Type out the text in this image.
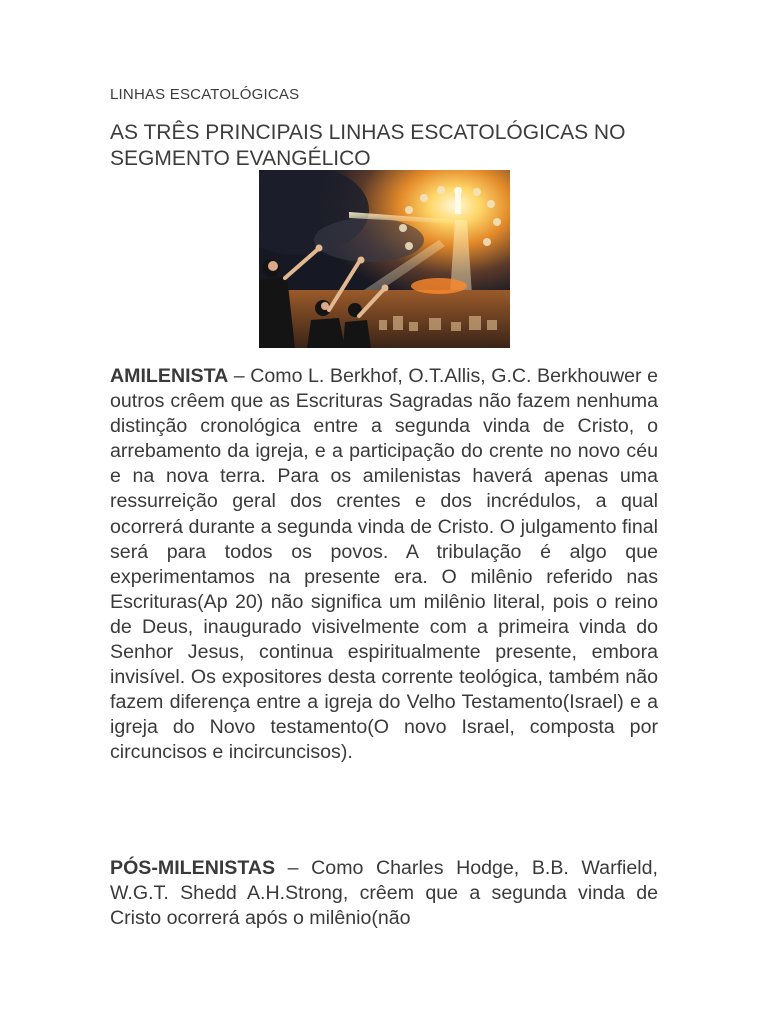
LINHAS ESCATOLÓGICAS
AS TRÊS PRINCIPAIS LINHAS ESCATOLÓGICAS NO SEGMENTO EVANGÉLICO

AMILENISTA – Como L. Berkhof, O.T.Allis, G.C. Berkhouwer e outros crêem que as Escrituras Sagradas não fazem nenhuma distinção cronológica entre a segunda vinda de Cristo, o arrebamento da igreja, e a participação do crente no novo céu e na nova terra. Para os amilenistas haverá apenas uma ressurreição geral dos crentes e dos incrédulos, a qual ocorrerá durante a segunda vinda de Cristo. O julgamento final será para todos os povos. A tribulação é algo que experimentamos na presente era. O milênio referido nas Escrituras(Ap 20) não significa um milênio literal, pois o reino de Deus, inaugurado visivelmente com a primeira vinda do Senhor Jesus, continua espiritualmente presente, embora invisível. Os expositores desta corrente teológica, também não fazem diferença entre a igreja do Velho Testamento(Israel) e a igreja do Novo testamento(O novo Israel, composta por circuncisos e incircuncisos).

PÓS-MILENISTAS – Como Charles Hodge, B.B. Warfield, W.G.T. Shedd A.H.Strong, crêem que a segunda vinda de Cristo ocorrerá após o milênio(não
